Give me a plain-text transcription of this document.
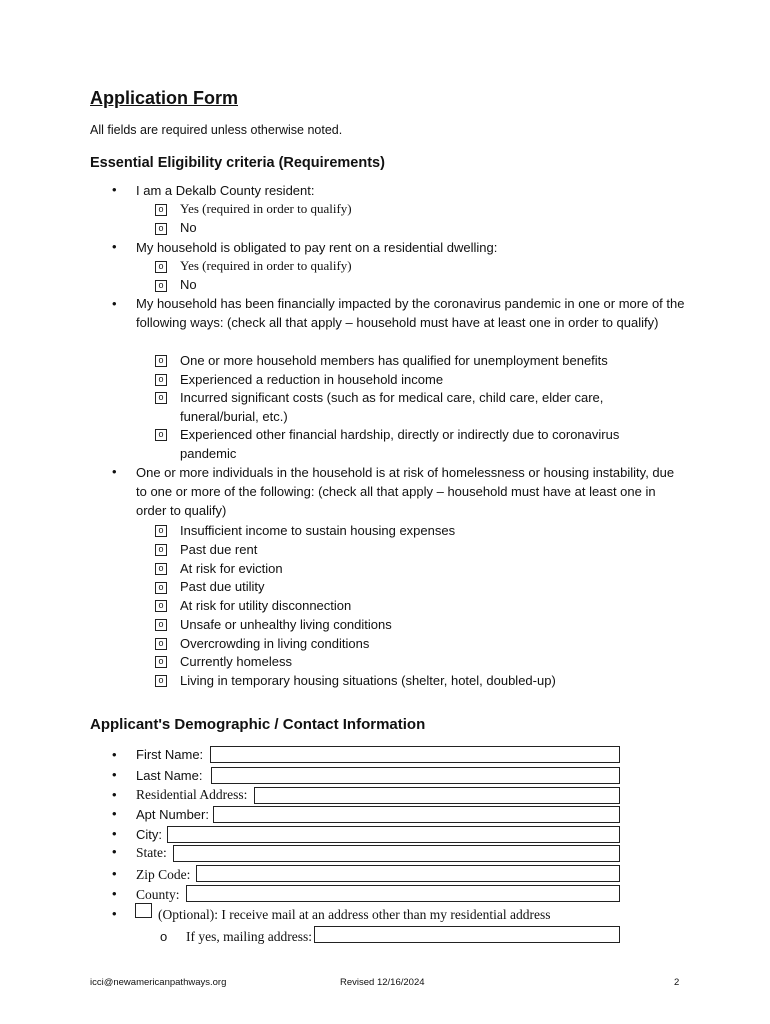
Application Form
All fields are required unless otherwise noted.
Essential Eligibility criteria (Requirements)
• I am a Dekalb County resident:
o
Yes (required in order to qualify)
o
No
• My household is obligated to pay rent on a residential dwelling:
o
Yes (required in order to qualify)
o
No
• My household has been financially impacted by the coronavirus pandemic in one or more of the following ways: (check all that apply – household must have at least one in order to qualify)
o
One or more household members has qualified for unemployment benefits
o
Experienced a reduction in household income
o
Incurred significant costs (such as for medical care, child care, elder care, funeral/burial, etc.)
o
Experienced other financial hardship, directly or indirectly due to coronavirus pandemic
• One or more individuals in the household is at risk of homelessness or housing instability, due to one or more of the following: (check all that apply – household must have at least one in order to qualify)
o
Insufficient income to sustain housing expenses
o
Past due rent
o
At risk for eviction
o
Past due utility
o
At risk for utility disconnection
o
Unsafe or unhealthy living conditions
o
Overcrowding in living conditions
o
Currently homeless
o
Living in temporary housing situations (shelter, hotel, doubled-up)
Applicant's Demographic / Contact Information
• First Name:
• Last Name:
• Residential Address:
• Apt Number:
• City:
• State:
• Zip Code:
• County:
•	(Optional): I receive mail at an address other than my residential address
o If yes, mailing address:
icci@newamericanpathways.org	Revised 12/16/2024	2
